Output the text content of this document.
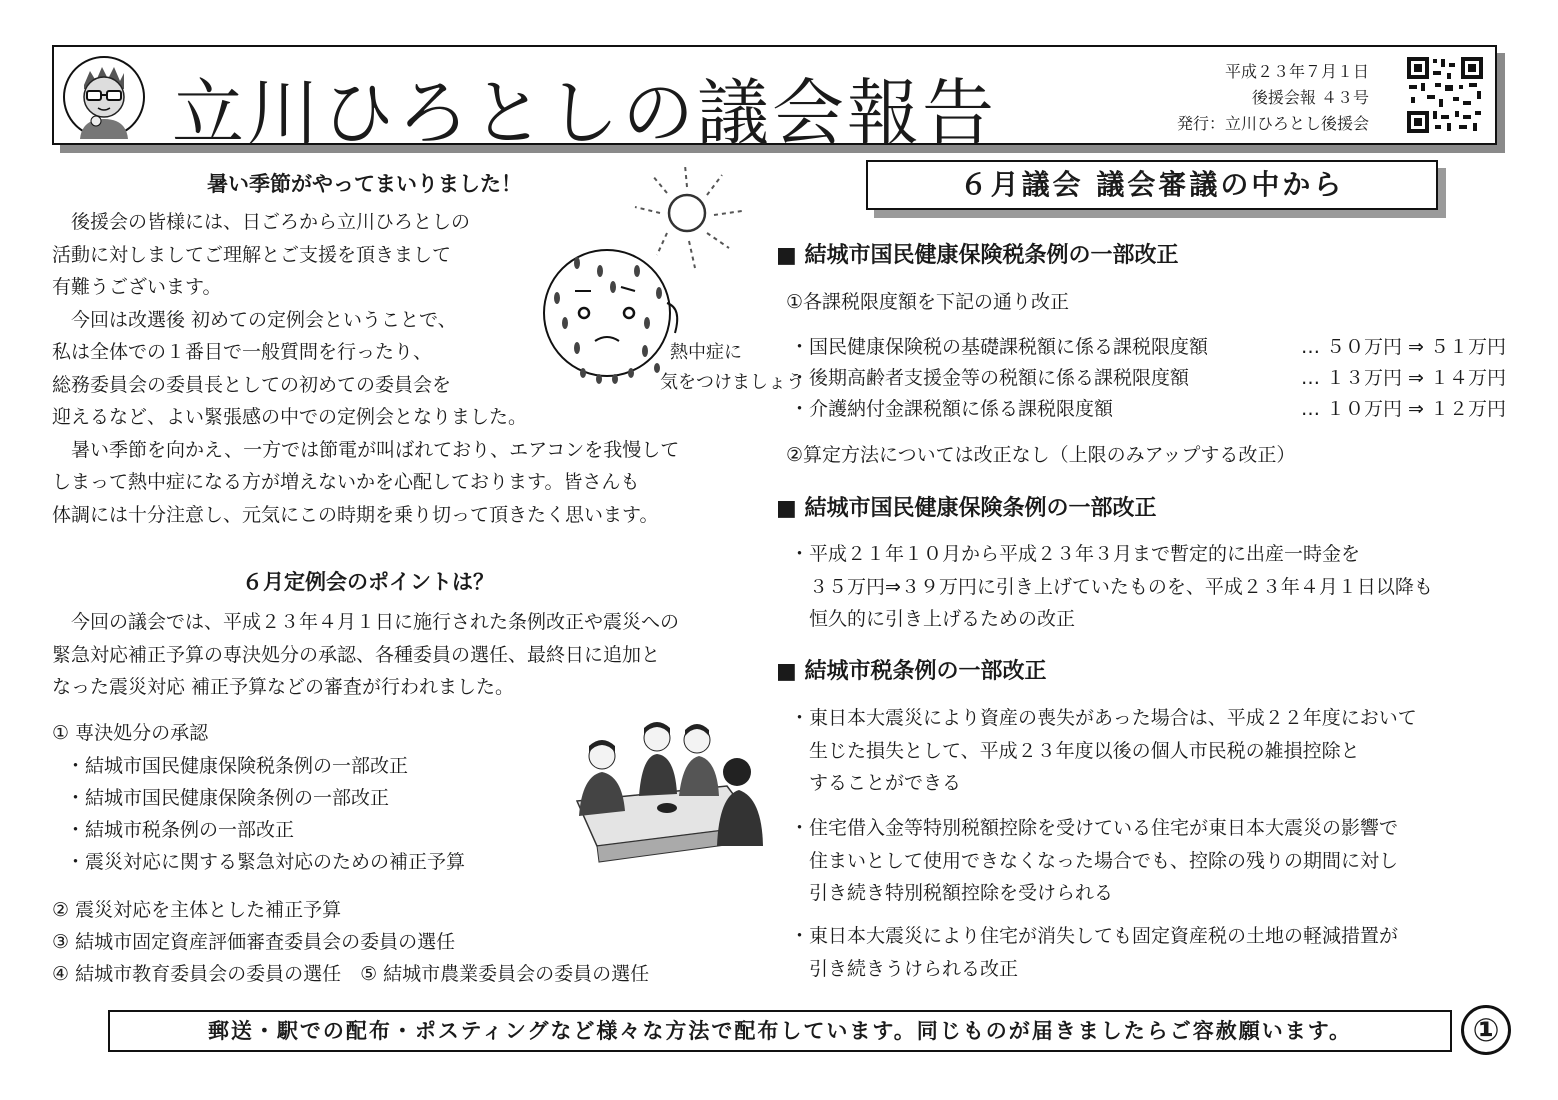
立川ひろとしの議会報告	平成２３年７月１日
後援会報 ４３号
発行：立川ひろとし後援会
暑い季節がやってまいりました！
　後援会の皆様には、日ごろから立川ひろとしの
活動に対しましてご理解とご支援を頂きまして
有難うございます。
　今回は改選後 初めての定例会ということで、
私は全体での１番目で一般質問を行ったり、
総務委員会の委員長としての初めての委員会を
迎えるなど、よい緊張感の中での定例会となりました。
　暑い季節を向かえ、一方では節電が叫ばれており、エアコンを我慢して
しまって熱中症になる方が増えないかを心配しております。皆さんも
体調には十分注意し、元気にこの時期を乗り切って頂きたく思います。
熱中症に
気をつけましょう
６月定例会のポイントは？
　今回の議会では、平成２３年４月１日に施行された条例改正や震災への
緊急対応補正予算の専決処分の承認、各種委員の選任、最終日に追加と
なった震災対応 補正予算などの審査が行われました。
① 専決処分の承認
・結城市国民健康保険税条例の一部改正
・結城市国民健康保険条例の一部改正
・結城市税条例の一部改正
・震災対応に関する緊急対応のための補正予算
② 震災対応を主体とした補正予算
③ 結城市固定資産評価審査委員会の委員の選任
④ 結城市教育委員会の委員の選任　⑤ 結城市農業委員会の委員の選任
６月議会 議会審議の中から
■ 結城市国民健康保険税条例の一部改正
①各課税限度額を下記の通り改正
・国民健康保険税の基礎課税額に係る課税限度額	… ５０万円 ⇒ ５１万円
・後期高齢者支援金等の税額に係る課税限度額	… １３万円 ⇒ １４万円
・介護納付金課税額に係る課税限度額	… １０万円 ⇒ １２万円
②算定方法については改正なし（上限のみアップする改正）
■ 結城市国民健康保険条例の一部改正
・平成２１年１０月から平成２３年３月まで暫定的に出産一時金を
　３５万円⇒３９万円に引き上げていたものを、平成２３年４月１日以降も
　恒久的に引き上げるための改正
■ 結城市税条例の一部改正
・東日本大震災により資産の喪失があった場合は、平成２２年度において
　生じた損失として、平成２３年度以後の個人市民税の雑損控除と
　することができる
・住宅借入金等特別税額控除を受けている住宅が東日本大震災の影響で
　住まいとして使用できなくなった場合でも、控除の残りの期間に対し
　引き続き特別税額控除を受けられる
・東日本大震災により住宅が消失しても固定資産税の土地の軽減措置が
　引き続きうけられる改正
郵送・駅での配布・ポスティングなど様々な方法で配布しています。同じものが届きましたらご容赦願います。	①
